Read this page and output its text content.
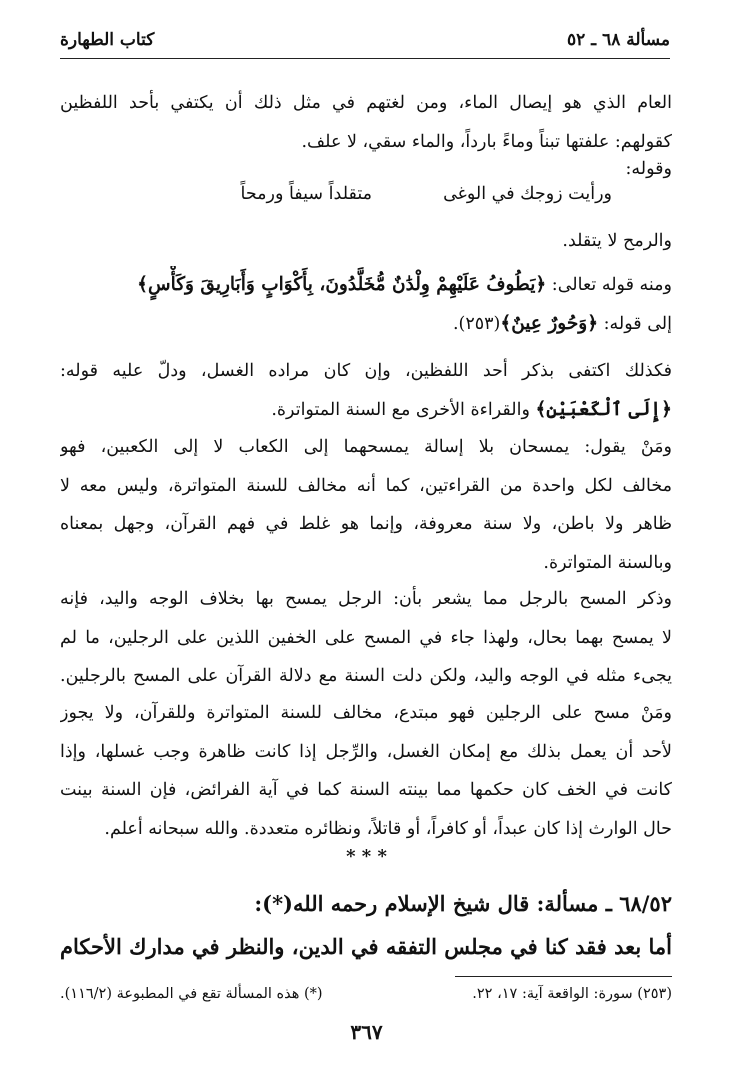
مسألة ٦٨ ـ ٥٢
كتاب الطهارة
العام الذي هو إيصال الماء، ومن لغتهم في مثل ذلك أن يكتفي بأحد اللفظين
كقولهم: علفتها تبناً وماءً بارداً، والماء سقي، لا علف.
وقوله:
ورأيت زوجك في الوغى
متقلداً سيفاً ورمحاً
والرمح لا يتقلد.
ومنه قوله تعالى: ﴿يَطُوفُ عَلَيْهِمْ وِلْدَٰنٌ مُّخَلَّدُونَ، بِأَكْوَابٍ وَأَبَارِيقَ وَكَأْسٍ﴾
إلى قوله: ﴿وَحُورٌ عِينٌ﴾(٢٥٣).
فكذلك اكتفى بذكر أحد اللفظين، وإن كان مراده الغسل، ودلّ عليه قوله:
﴿إِلَى ٱلْكَعْبَيْنِ﴾ والقراءة الأخرى مع السنة المتواترة.
ومَنْ يقول: يمسحان بلا إسالة يمسحهما إلى الكعاب لا إلى الكعبين، فهو
مخالف لكل واحدة من القراءتين، كما أنه مخالف للسنة المتواترة، وليس معه لا
ظاهر ولا باطن، ولا سنة معروفة، وإنما هو غلط في فهم القرآن، وجهل بمعناه
وبالسنة المتواترة.
وذكر المسح بالرجل مما يشعر بأن: الرجل يمسح بها بخلاف الوجه واليد، فإنه
لا يمسح بهما بحال، ولهذا جاء في المسح على الخفين اللذين على الرجلين، ما لم
يجىء مثله في الوجه واليد، ولكن دلت السنة مع دلالة القرآن على المسح بالرجلين.
ومَنْ مسح على الرجلين فهو مبتدع، مخالف للسنة المتواترة وللقرآن، ولا يجوز
لأحد أن يعمل بذلك مع إمكان الغسل، والرِّجل إذا كانت ظاهرة وجب غسلها، وإذا
كانت في الخف كان حكمها مما بينته السنة كما في آية الفرائض، فإن السنة بينت
حال الوارث إذا كان عبداً، أو كافراً، أو قاتلاً، ونظائره متعددة. والله سبحانه أعلم.
* * *
٦٨/٥٢ ـ مسألة: قال شيخ الإسلام رحمه الله(*):
أما بعد فقد كنا في مجلس التفقه في الدين، والنظر في مدارك الأحكام
(٢٥٣) سورة: الواقعة آية: ١٧، ٢٢.
(*) هذه المسألة تقع في المطبوعة (١١٦/٢).
٣٦٧
